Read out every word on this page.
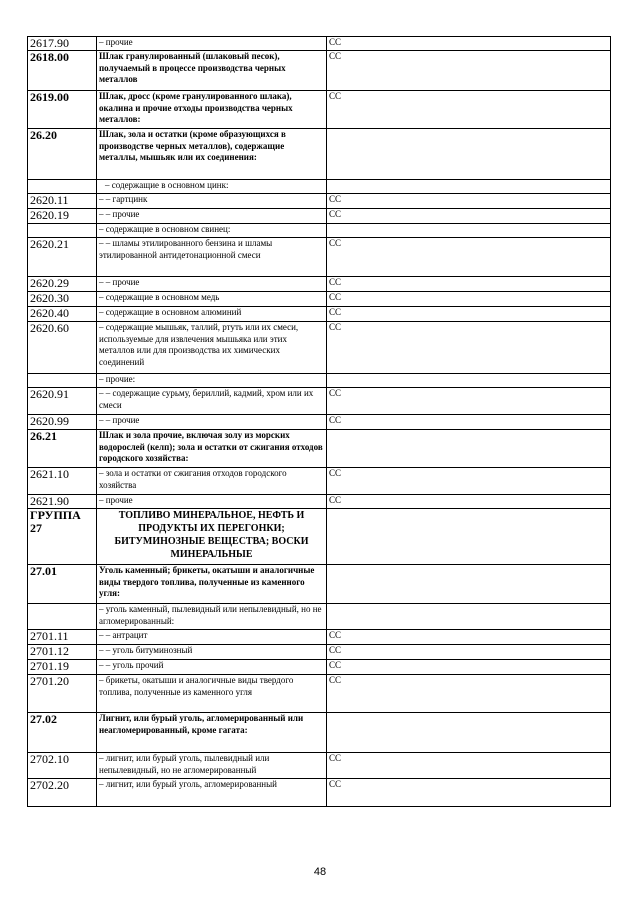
2617.90	– прочие	СС
2618.00	Шлак гранулированный (шлаковый песок), получаемый в процессе производства черных металлов	СС
2619.00	Шлак, дросс (кроме гранулированного шлака), окалина и прочие отходы производства черных металлов:	СС
26.20	Шлак, зола и остатки (кроме образующихся в производстве черных металлов), содержащие металлы, мышьяк или их соединения:	
	– содержащие в основном цинк:	
2620.11	– – гартцинк	СС
2620.19	– – прочие	СС
	– содержащие в основном свинец:	
2620.21	– – шламы этилированного бензина и шламы этилированной антидетонационной смеси	СС
2620.29	– – прочие	СС
2620.30	– содержащие в основном медь	СС
2620.40	– содержащие в основном алюминий	СС
2620.60	– содержащие мышьяк, таллий, ртуть или их смеси, используемые для извлечения мышьяка или этих металлов или для производства их химических соединений	СС
	– прочие:	
2620.91	– – содержащие сурьму, бериллий, кадмий, хром или их смеси	СС
2620.99	– – прочие	СС
26.21	Шлак и зола прочие, включая золу из морских водорослей (келп); зола и остатки от сжигания отходов городского хозяйства:	
2621.10	– зола и остатки от сжигания отходов городского хозяйства	СС
2621.90	– прочие	СС
ГРУППА 27	ТОПЛИВО МИНЕРАЛЬНОЕ, НЕФТЬ И ПРОДУКТЫ ИХ ПЕРЕГОНКИ; БИТУМИНОЗНЫЕ ВЕЩЕСТВА; ВОСКИ МИНЕРАЛЬНЫЕ	
27.01	Уголь каменный; брикеты, окатыши и аналогичные виды твердого топлива, полученные из каменного угля:	
	– уголь каменный, пылевидный или непылевидный, но не агломерированный:	
2701.11	– – антрацит	СС
2701.12	– – уголь битуминозный	СС
2701.19	– – уголь прочий	СС
2701.20	– брикеты, окатыши и аналогичные виды твердого топлива, полученные из каменного угля	СС
27.02	Лигнит, или бурый уголь, агломерированный или неагломерированный, кроме гагата:	
2702.10	– лигнит, или бурый уголь, пылевидный или непылевидный, но не агломерированный	СС
2702.20	– лигнит, или бурый уголь, агломерированный	СС
48
